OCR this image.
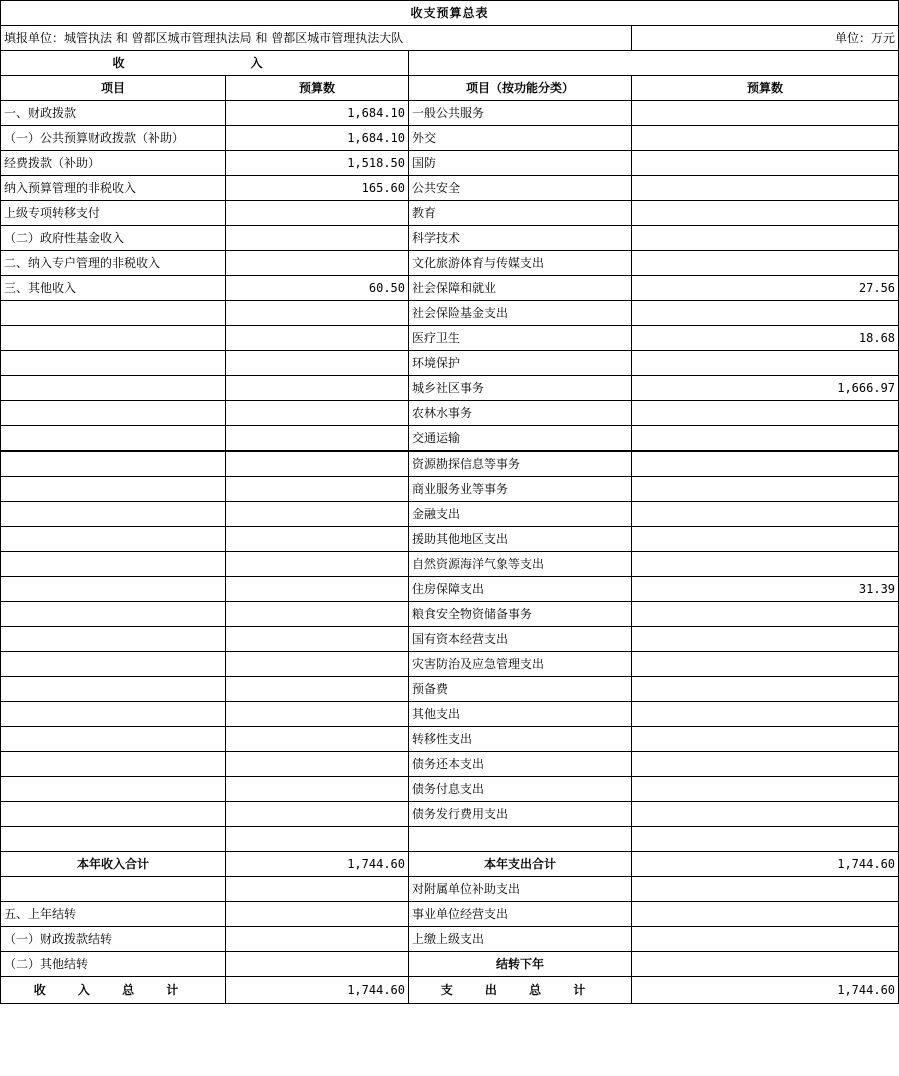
收支预算总表			
填报单位：城管执法 和 曾都区城市管理执法局 和 曾都区城市管理执法大队			单位：万元
收　　入			
项目	预算数	项目（按功能分类）	预算数
一、财政拨款	1,684.10	一般公共服务	
（一）公共预算财政拨款（补助）	1,684.10	外交	
经费拨款（补助）	1,518.50	国防	
纳入预算管理的非税收入	165.60	公共安全	
上级专项转移支付		教育	
（二）政府性基金收入		科学技术	
二、纳入专户管理的非税收入		文化旅游体育与传媒支出	
三、其他收入	60.50	社会保障和就业	27.56
		社会保险基金支出	
		医疗卫生	18.68
		环境保护	
		城乡社区事务	1,666.97
		农林水事务	
		交通运输	
		资源勘探信息等事务	
		商业服务业等事务	
		金融支出	
		援助其他地区支出	
		自然资源海洋气象等支出	
		住房保障支出	31.39
		粮食安全物资储备事务	
		国有资本经营支出	
		灾害防治及应急管理支出	
		预备费	
		其他支出	
		转移性支出	
		债务还本支出	
		债务付息支出	
		债务发行费用支出	

本年收入合计	1,744.60	本年支出合计	1,744.60
		对附属单位补助支出	
五、上年结转		事业单位经营支出	
（一）财政拨款结转		上缴上级支出	
（二）其他结转		结转下年	
收 入 总 计	1,744.60	支 出 总 计	1,744.60
